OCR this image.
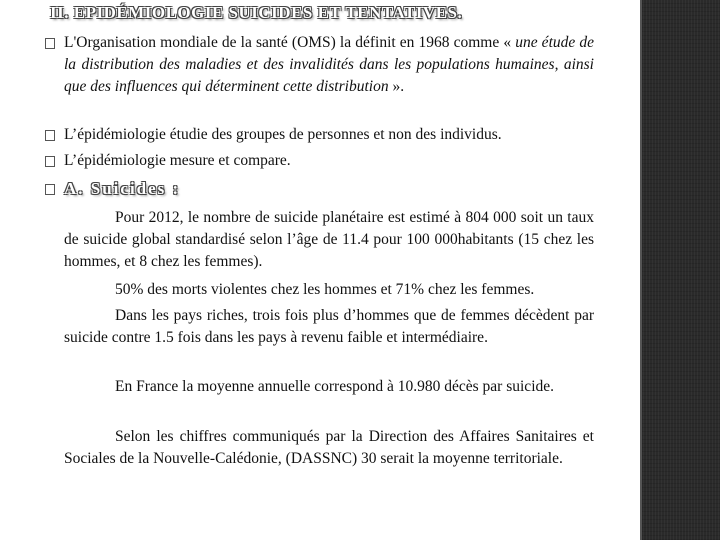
II. EPIDÉMIOLOGIE SUICIDES ET TENTATIVES.
L'Organisation mondiale de la santé (OMS) la définit en 1968 comme « une étude de la distribution des maladies et des invalidités dans les populations humaines, ainsi que des influences qui déterminent cette distribution ».
L’épidémiologie étudie des groupes de personnes et non des individus.
L’épidémiologie mesure et compare.
A. Suicides :
Pour 2012, le nombre de suicide planétaire est estimé à 804 000 soit un taux de suicide global standardisé selon l’âge de 11.4 pour 100 000habitants (15 chez les hommes, et 8 chez les femmes).
50% des morts violentes chez les hommes et 71% chez les femmes.
Dans les pays riches, trois fois plus d’hommes que de femmes décèdent par suicide contre 1.5 fois dans les pays à revenu faible et intermédiaire.
En France la moyenne annuelle correspond à 10.980 décès par suicide.
Selon les chiffres communiqués par la Direction des Affaires Sanitaires et Sociales de la Nouvelle-Calédonie, (DASSNC) 30 serait la moyenne territoriale.
